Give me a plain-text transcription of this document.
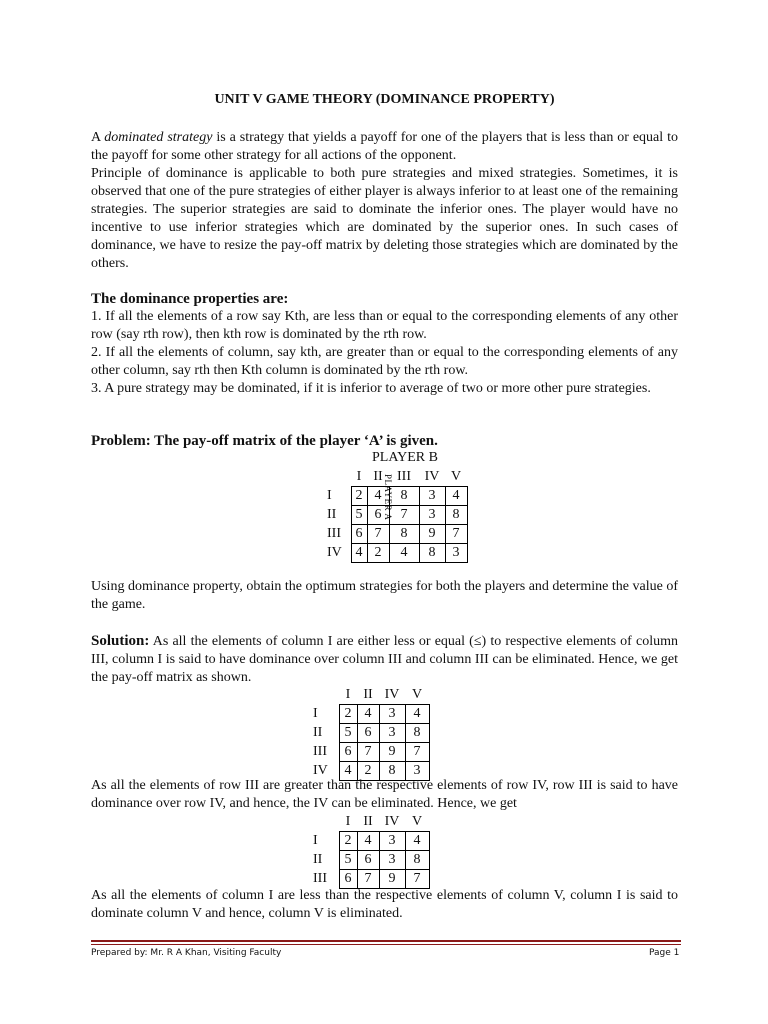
UNIT V GAME THEORY (DOMINANCE PROPERTY)

A dominated strategy is a strategy that yields a payoff for one of the players that is less than or equal to the payoff for some other strategy for all actions of the opponent.

Principle of dominance is applicable to both pure strategies and mixed strategies. Sometimes, it is observed that one of the pure strategies of either player is always inferior to at least one of the remaining strategies. The superior strategies are said to dominate the inferior ones. The player would have no incentive to use inferior strategies which are dominated by the superior ones. In such cases of dominance, we have to resize the pay-off matrix by deleting those strategies which are dominated by the others.

The dominance properties are:

1. If all the elements of a row say Kth, are less than or equal to the corresponding elements of any other row (say rth row), then kth row is dominated by the rth row.

2. If all the elements of column, say kth, are greater than or equal to the corresponding elements of any other column, say rth then Kth column is dominated by the rth row.

3. A pure strategy may be dominated, if it is inferior to average of two or more other pure strategies.

Problem: The pay-off matrix of the player ‘A’ is given.

PLAYER B
PLAYER A
	I	II	III	IV	V
I	2	4	8	3	4
II	5	6	7	3	8
III	6	7	8	9	7
IV	4	2	4	8	3

Using dominance property, obtain the optimum strategies for both the players and determine the value of the game.

Solution: As all the elements of column I are either less or equal (≤) to respective elements of column III, column I is said to have dominance over column III and column III can be eliminated. Hence, we get the pay-off matrix as shown.

	I	II	IV	V
I	2	4	3	4
II	5	6	3	8
III	6	7	9	7
IV	4	2	8	3

As all the elements of row III are greater than the respective elements of row IV, row III is said to have dominance over row IV, and hence, the IV can be eliminated. Hence, we get

	I	II	IV	V
I	2	4	3	4
II	5	6	3	8
III	6	7	9	7

As all the elements of column I are less than the respective elements of column V, column I is said to dominate column V and hence, column V is eliminated.

Prepared by: Mr. R A Khan, Visiting Faculty	Page 1
